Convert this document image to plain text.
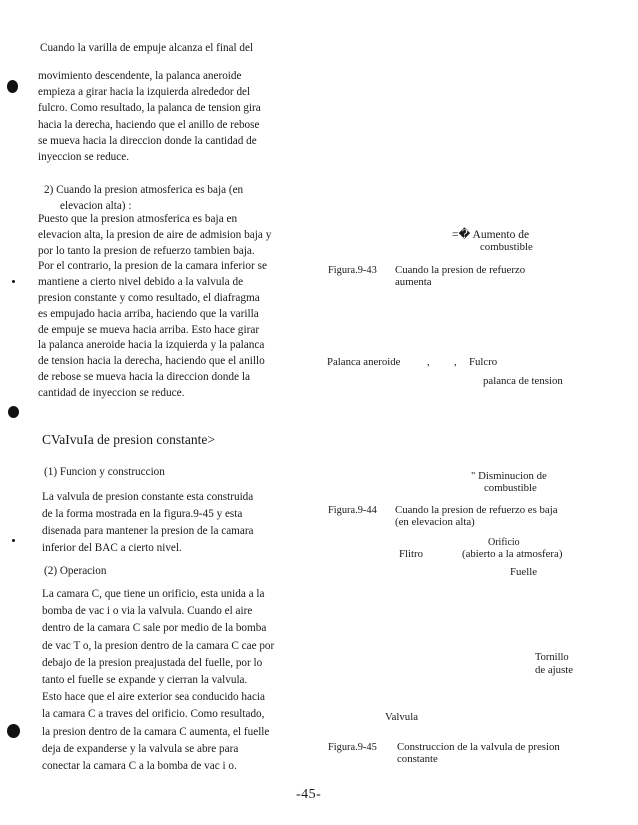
Cuando la varilla de empuje alcanza el final del
movimiento descendente, la palanca aneroide
empieza a girar hacia la izquierda alrededor del
fulcro. Como resultado, la palanca de tension gira
hacia la derecha, haciendo que el anillo de rebose
se mueva hacia la direccion donde la cantidad de
inyeccion se reduce.
2) Cuando la presion atmosferica es baja (en
elevacion alta) :
Puesto que la presion atmosferica es baja en
elevacion alta, la presion de aire de admision baja y
por lo tanto la presion de refuerzo tambien baja.
Por el contrario, la presion de la camara inferior se
mantiene a cierto nivel debido a la valvula de
presion constante y como resultado, el diafragma
es empujado hacia arriba, haciendo que la varilla
de empuje se mueva hacia arriba. Esto hace girar
la palanca aneroide hacia la izquierda y la palanca
de tension hacia la derecha, haciendo que el anillo
de rebose se mueva hacia la direccion donde la
cantidad de inyeccion se reduce.
CVaIvuIa de presion constante>
(1) Funcion y construccion
La valvula de presion constante esta construida
de la forma mostrada en la figura.9-45 y esta
disenada para mantener la presion de la camara
inferior del BAC a cierto nivel.
(2) Operacion
La camara C, que tiene un orificio, esta unida a la
bomba de vac i o via la valvula. Cuando el aire
dentro de la camara C sale por medio de la bomba
de vac T o, la presion dentro de la camara C cae por
debajo de la presion preajustada del fuelle, por lo
tanto el fuelle se expande y cierran la valvula.
Esto hace que el aire exterior sea conducido hacia
la camara C a traves del orificio. Como resultado,
la presion dentro de la camara C aumenta, el fuelle
deja de expanderse y la valvula se abre para
conectar la camara C a la bomba de vac i o.
=� Aumento de
combustible
Figura.9-43 Cuando la presion de refuerzo
aumenta
Palanca aneroide , , Fulcro
palanca de tension
" Disminucion de
combustible
Figura.9-44 Cuando la presion de refuerzo es baja
(en elevacion alta)
Orificio
Flitro	(abierto a la atmosfera)
Fuelle
Tornillo
de ajuste
Valvula
Figura.9-45 Construccion de la valvula de presion
constante
-45-
